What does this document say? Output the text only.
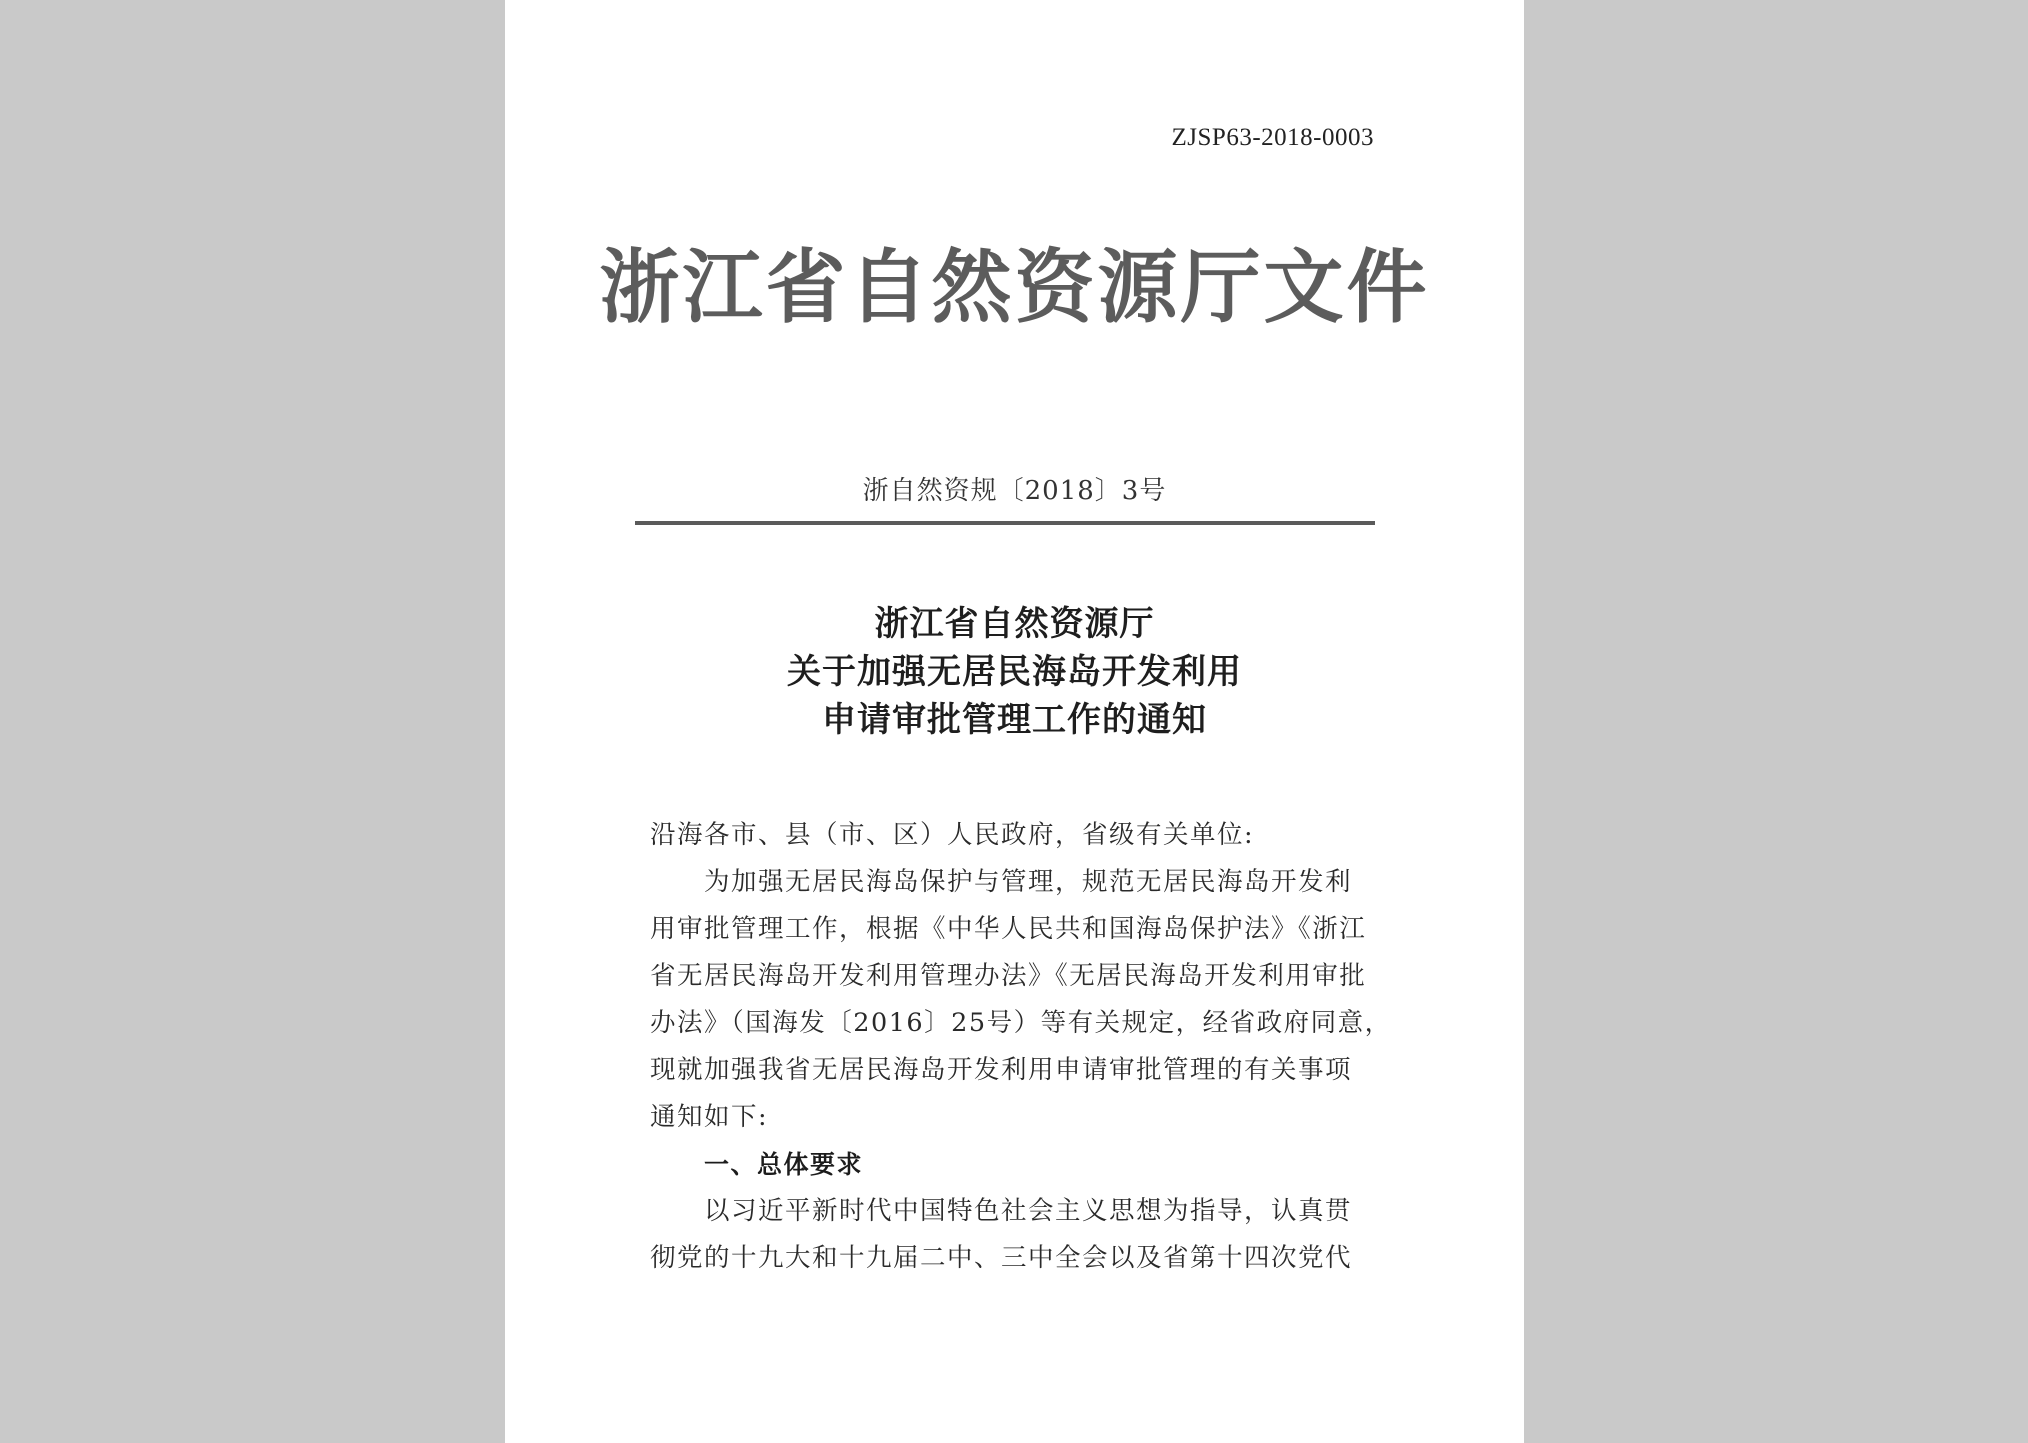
ZJSP63-2018-0003
浙江省自然资源厅文件
浙自然资规〔2018〕3号
浙江省自然资源厅
关于加强无居民海岛开发利用
申请审批管理工作的通知
沿海各市、县（市、区）人民政府，省级有关单位:
为加强无居民海岛保护与管理，规范无居民海岛开发利
用审批管理工作，根据《中华人民共和国海岛保护法》《浙江
省无居民海岛开发利用管理办法》《无居民海岛开发利用审批
办法》（国海发〔2016〕25号）等有关规定，经省政府同意，
现就加强我省无居民海岛开发利用申请审批管理的有关事项
通知如下:
一、总体要求
以习近平新时代中国特色社会主义思想为指导，认真贯
彻党的十九大和十九届二中、三中全会以及省第十四次党代
